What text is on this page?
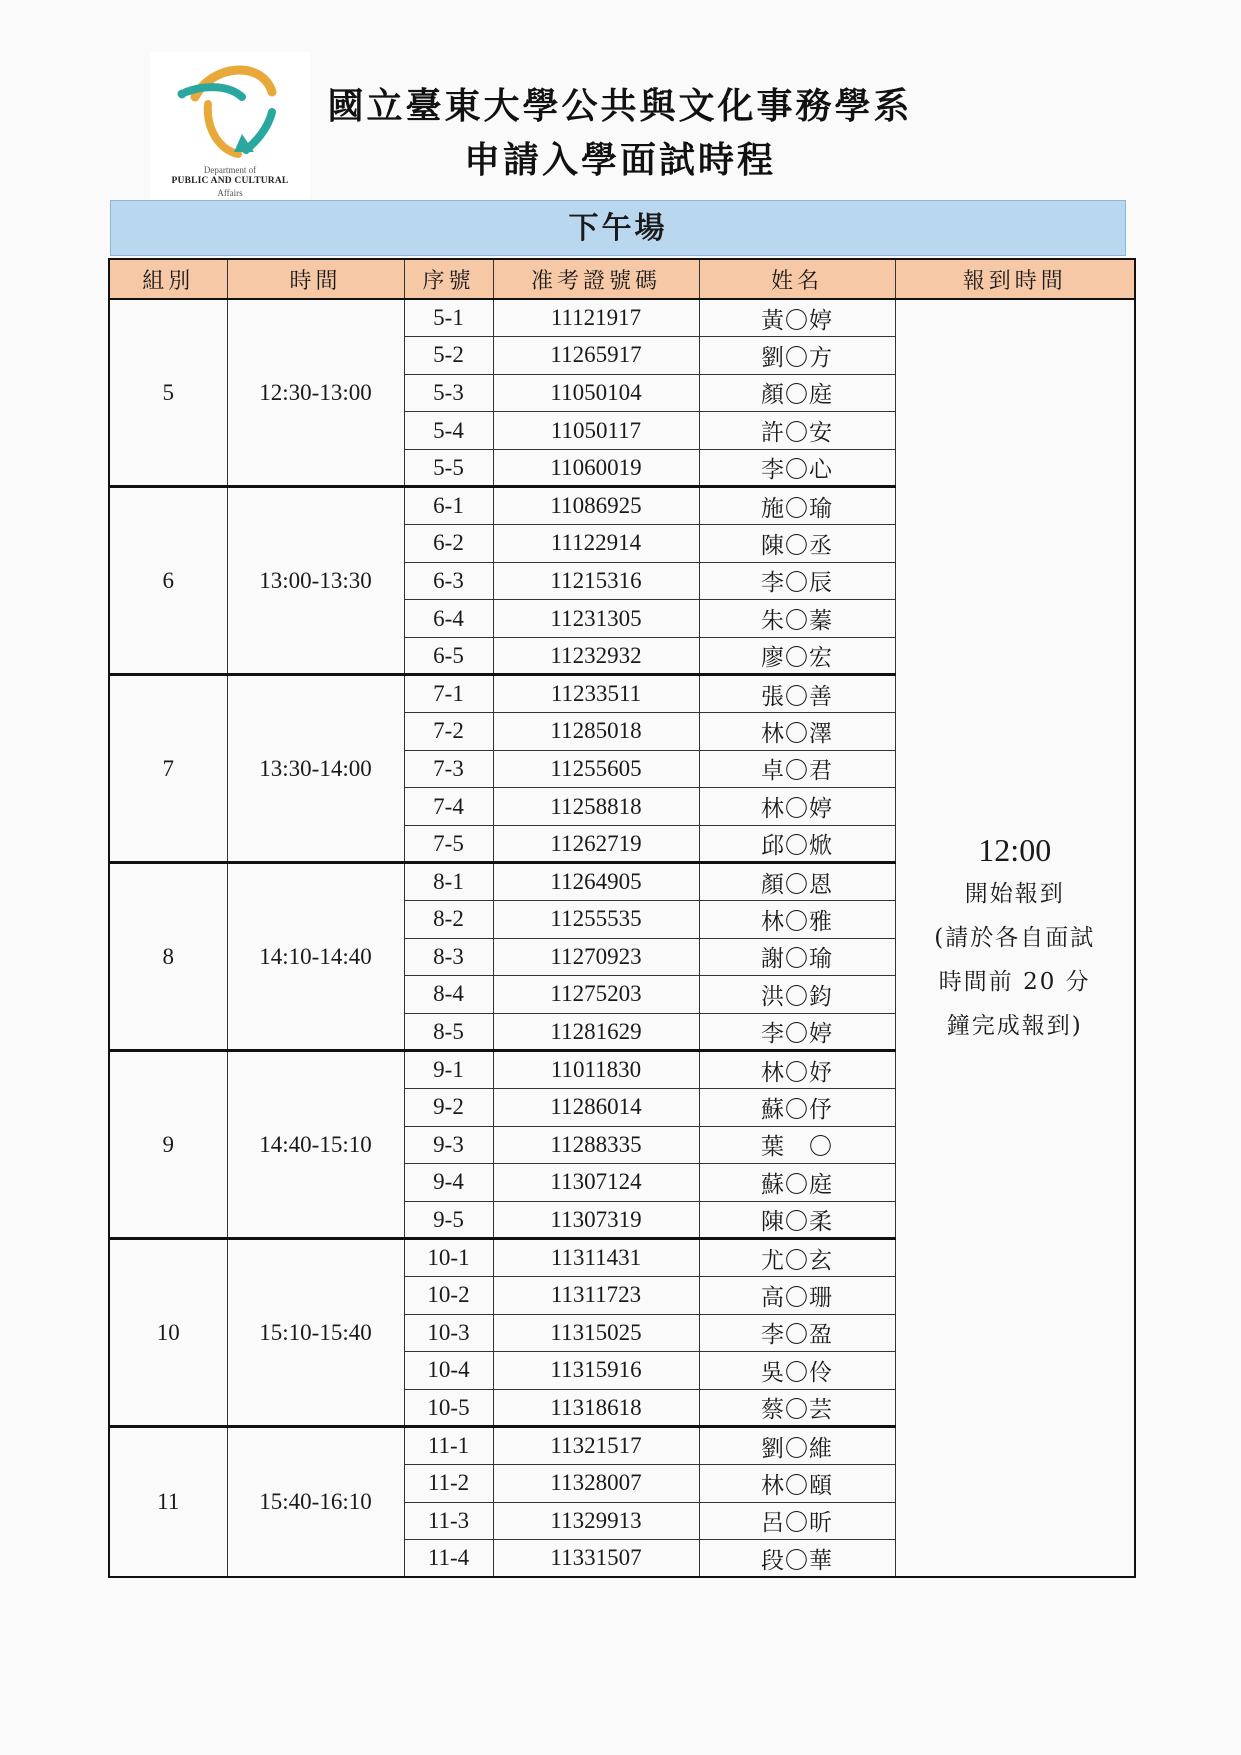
Department of
PUBLIC AND CULTURAL
Affairs
國立臺東大學公共與文化事務學系
申請入學面試時程
下午場
組別	時間	序號	准考證號碼	姓名	報到時間
5	12:30-13:00	5-1	11121917	黃〇婷	12:00
開始報到
(請於各自面試
時間前 20 分
鐘完成報到)

		5-2	11265917	劉〇方	
		5-3	11050104	顏〇庭	
		5-4	11050117	許〇安	
		5-5	11060019	李〇心	
6	13:00-13:30	6-1	11086925	施〇瑜	
		6-2	11122914	陳〇丞	
		6-3	11215316	李〇辰	
		6-4	11231305	朱〇蓁	
		6-5	11232932	廖〇宏	
7	13:30-14:00	7-1	11233511	張〇善	
		7-2	11285018	林〇澤	
		7-3	11255605	卓〇君	
		7-4	11258818	林〇婷	
		7-5	11262719	邱〇焮	
8	14:10-14:40	8-1	11264905	顏〇恩	
		8-2	11255535	林〇雅	
		8-3	11270923	謝〇瑜	
		8-4	11275203	洪〇鈞	
		8-5	11281629	李〇婷	
9	14:40-15:10	9-1	11011830	林〇妤	
		9-2	11286014	蘇〇伃	
		9-3	11288335	葉　〇	
		9-4	11307124	蘇〇庭	
		9-5	11307319	陳〇柔	
10	15:10-15:40	10-1	11311431	尤〇玄	
		10-2	11311723	高〇珊	
		10-3	11315025	李〇盈	
		10-4	11315916	吳〇伶	
		10-5	11318618	蔡〇芸	
11	15:40-16:10	11-1	11321517	劉〇維	
		11-2	11328007	林〇頤	
		11-3	11329913	呂〇昕	
		11-4	11331507	段〇華	
